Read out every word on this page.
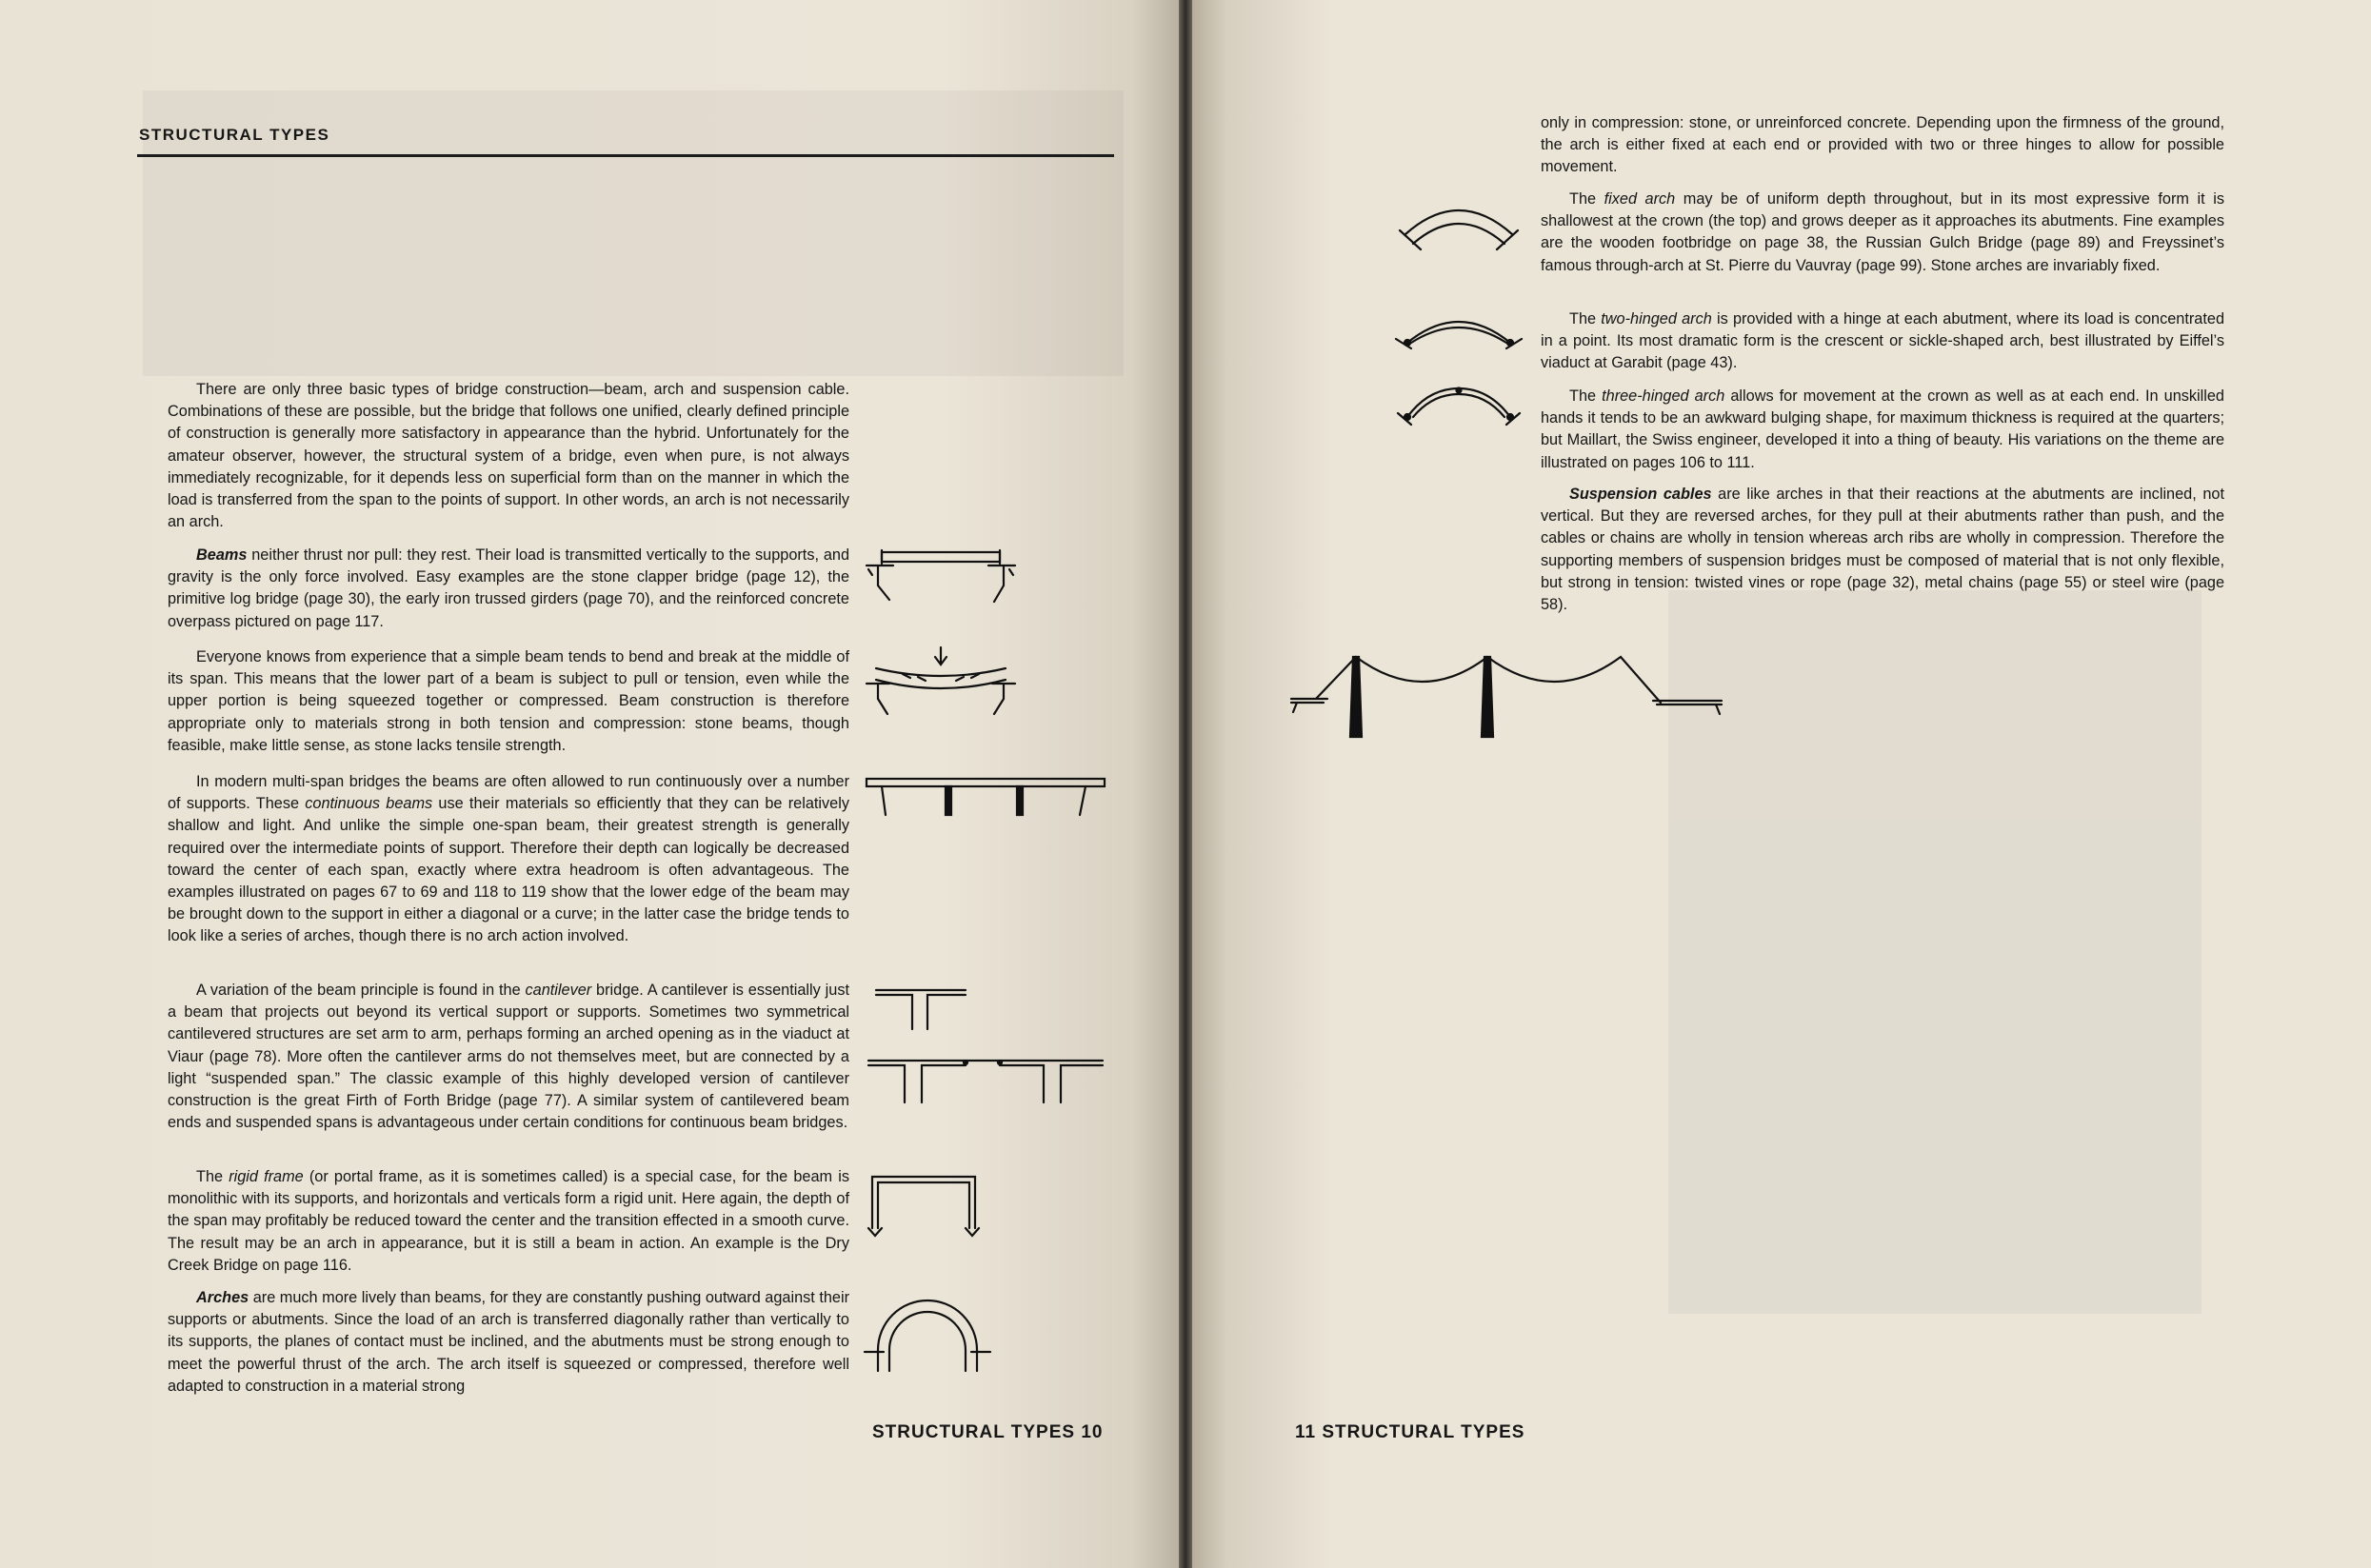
STRUCTURAL TYPES

There are only three basic types of bridge construction—beam, arch and suspension cable. Combinations of these are possible, but the bridge that follows one unified, clearly defined principle of construction is generally more satisfactory in appearance than the hybrid. Unfortunately for the amateur observer, however, the structural system of a bridge, even when pure, is not always immediately recognizable, for it depends less on superficial form than on the manner in which the load is transferred from the span to the points of support. In other words, an arch is not necessarily an arch.

Beams neither thrust nor pull: they rest. Their load is transmitted vertically to the supports, and gravity is the only force involved. Easy examples are the stone clapper bridge (page 12), the primitive log bridge (page 30), the early iron trussed girders (page 70), and the reinforced concrete overpass pictured on page 117.

Everyone knows from experience that a simple beam tends to bend and break at the middle of its span. This means that the lower part of a beam is subject to pull or tension, even while the upper portion is being squeezed together or compressed. Beam construction is therefore appropriate only to materials strong in both tension and compression: stone beams, though feasible, make little sense, as stone lacks tensile strength.

In modern multi-span bridges the beams are often allowed to run continuously over a number of supports. These continuous beams use their materials so efficiently that they can be relatively shallow and light. And unlike the simple one-span beam, their greatest strength is generally required over the intermediate points of support. Therefore their depth can logically be decreased toward the center of each span, exactly where extra headroom is often advantageous. The examples illustrated on pages 67 to 69 and 118 to 119 show that the lower edge of the beam may be brought down to the support in either a diagonal or a curve; in the latter case the bridge tends to look like a series of arches, though there is no arch action involved.

A variation of the beam principle is found in the cantilever bridge. A cantilever is essentially just a beam that projects out beyond its vertical support or supports. Sometimes two symmetrical cantilevered structures are set arm to arm, perhaps forming an arched opening as in the viaduct at Viaur (page 78). More often the cantilever arms do not themselves meet, but are connected by a light “suspended span.” The classic example of this highly developed version of cantilever construction is the great Firth of Forth Bridge (page 77). A similar system of cantilevered beam ends and suspended spans is advantageous under certain conditions for continuous beam bridges.

The rigid frame (or portal frame, as it is sometimes called) is a special case, for the beam is monolithic with its supports, and horizontals and verticals form a rigid unit. Here again, the depth of the span may profitably be reduced toward the center and the transition effected in a smooth curve. The result may be an arch in appearance, but it is still a beam in action. An example is the Dry Creek Bridge on page 116.

Arches are much more lively than beams, for they are constantly pushing outward against their supports or abutments. Since the load of an arch is transferred diagonally rather than vertically to its supports, the planes of contact must be inclined, and the abutments must be strong enough to meet the powerful thrust of the arch. The arch itself is squeezed or compressed, therefore well adapted to construction in a material strong

STRUCTURAL TYPES 10

only in compression: stone, or unreinforced concrete. Depending upon the firmness of the ground, the arch is either fixed at each end or provided with two or three hinges to allow for possible movement.

The fixed arch may be of uniform depth throughout, but in its most expressive form it is shallowest at the crown (the top) and grows deeper as it approaches its abutments. Fine examples are the wooden footbridge on page 38, the Russian Gulch Bridge (page 89) and Freyssinet’s famous through-arch at St. Pierre du Vauvray (page 99). Stone arches are invariably fixed.

The two-hinged arch is provided with a hinge at each abutment, where its load is concentrated in a point. Its most dramatic form is the crescent or sickle-shaped arch, best illustrated by Eiffel’s viaduct at Garabit (page 43).

The three-hinged arch allows for movement at the crown as well as at each end. In unskilled hands it tends to be an awkward bulging shape, for maximum thickness is required at the quarters; but Maillart, the Swiss engineer, developed it into a thing of beauty. His variations on the theme are illustrated on pages 106 to 111.

Suspension cables are like arches in that their reactions at the abutments are inclined, not vertical. But they are reversed arches, for they pull at their abutments rather than push, and the cables or chains are wholly in tension whereas arch ribs are wholly in compression. Therefore the supporting members of suspension bridges must be composed of material that is not only flexible, but strong in tension: twisted vines or rope (page 32), metal chains (page 55) or steel wire (page 58).

11 STRUCTURAL TYPES
